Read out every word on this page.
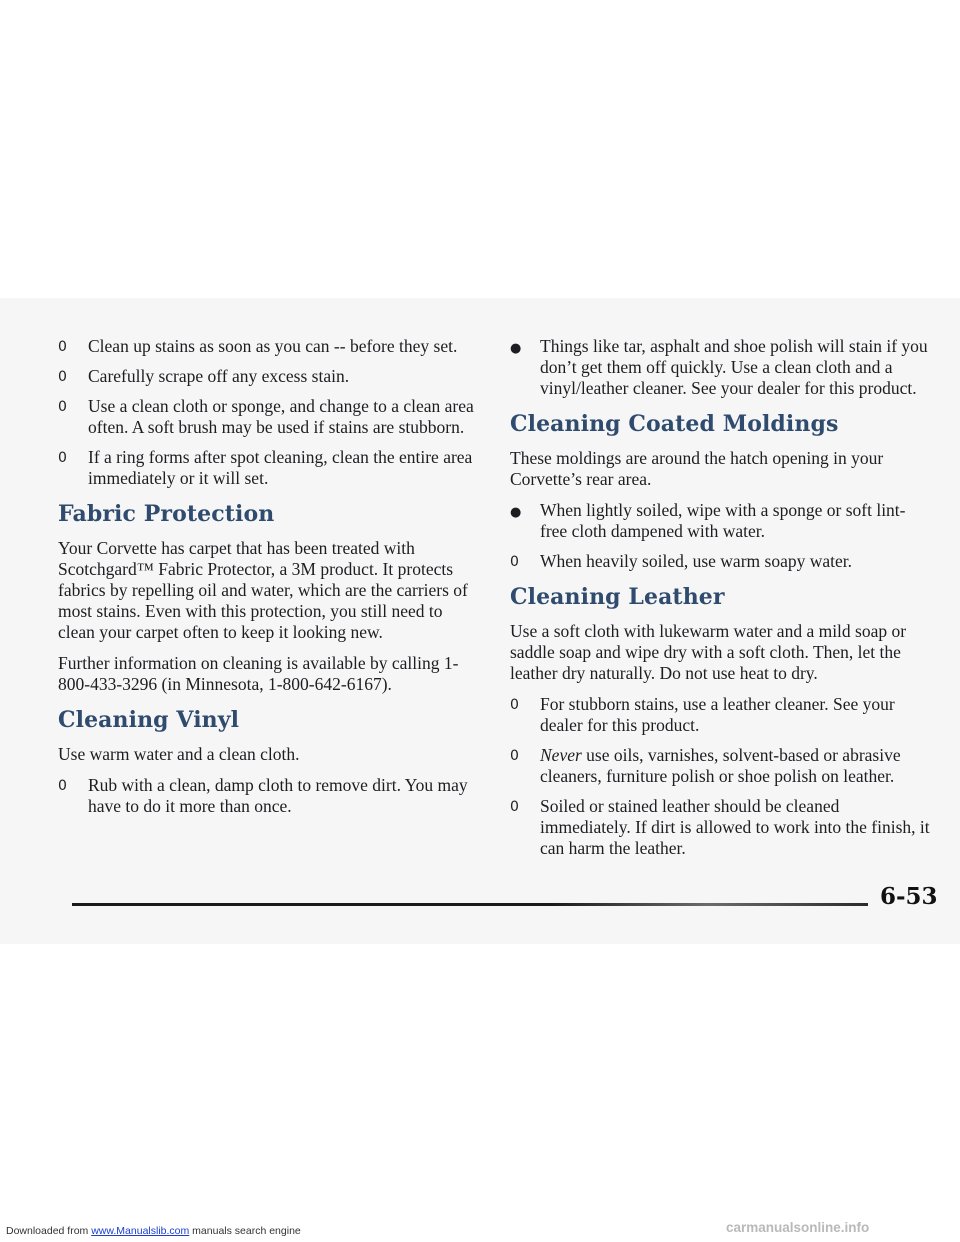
0 Clean up stains as soon as you can -- before they set.
0 Carefully scrape off any excess stain.
0 Use a clean cloth or sponge, and change to a clean area often. A soft brush may be used if stains are stubborn.
0 If a ring forms after spot cleaning, clean the entire area immediately or it will set.
Fabric Protection

Your Corvette has carpet that has been treated with Scotchgard™ Fabric Protector, a 3M product. It protects fabrics by repelling oil and water, which are the carriers of most stains. Even with this protection, you still need to clean your carpet often to keep it looking new.

Further information on cleaning is available by calling 1-800-433-3296 (in Minnesota, 1-800-642-6167).

Cleaning Vinyl

Use warm water and a clean cloth.

0 Rub with a clean, damp cloth to remove dirt. You may have to do it more than once.
● Things like tar, asphalt and shoe polish will stain if you don’t get them off quickly. Use a clean cloth and a vinyl/leather cleaner. See your dealer for this product.
Cleaning Coated Moldings

These moldings are around the hatch opening in your Corvette’s rear area.

● When lightly soiled, wipe with a sponge or soft lint-free cloth dampened with water.
0 When heavily soiled, use warm soapy water.
Cleaning Leather

Use a soft cloth with lukewarm water and a mild soap or saddle soap and wipe dry with a soft cloth. Then, let the leather dry naturally. Do not use heat to dry.

0 For stubborn stains, use a leather cleaner. See your dealer for this product.
0 Never use oils, varnishes, solvent-based or abrasive cleaners, furniture polish or shoe polish on leather.
0 Soiled or stained leather should be cleaned immediately. If dirt is allowed to work into the finish, it can harm the leather.
6-53
Downloaded from www.Manualslib.com manuals search engine	carmanualsonline.info
